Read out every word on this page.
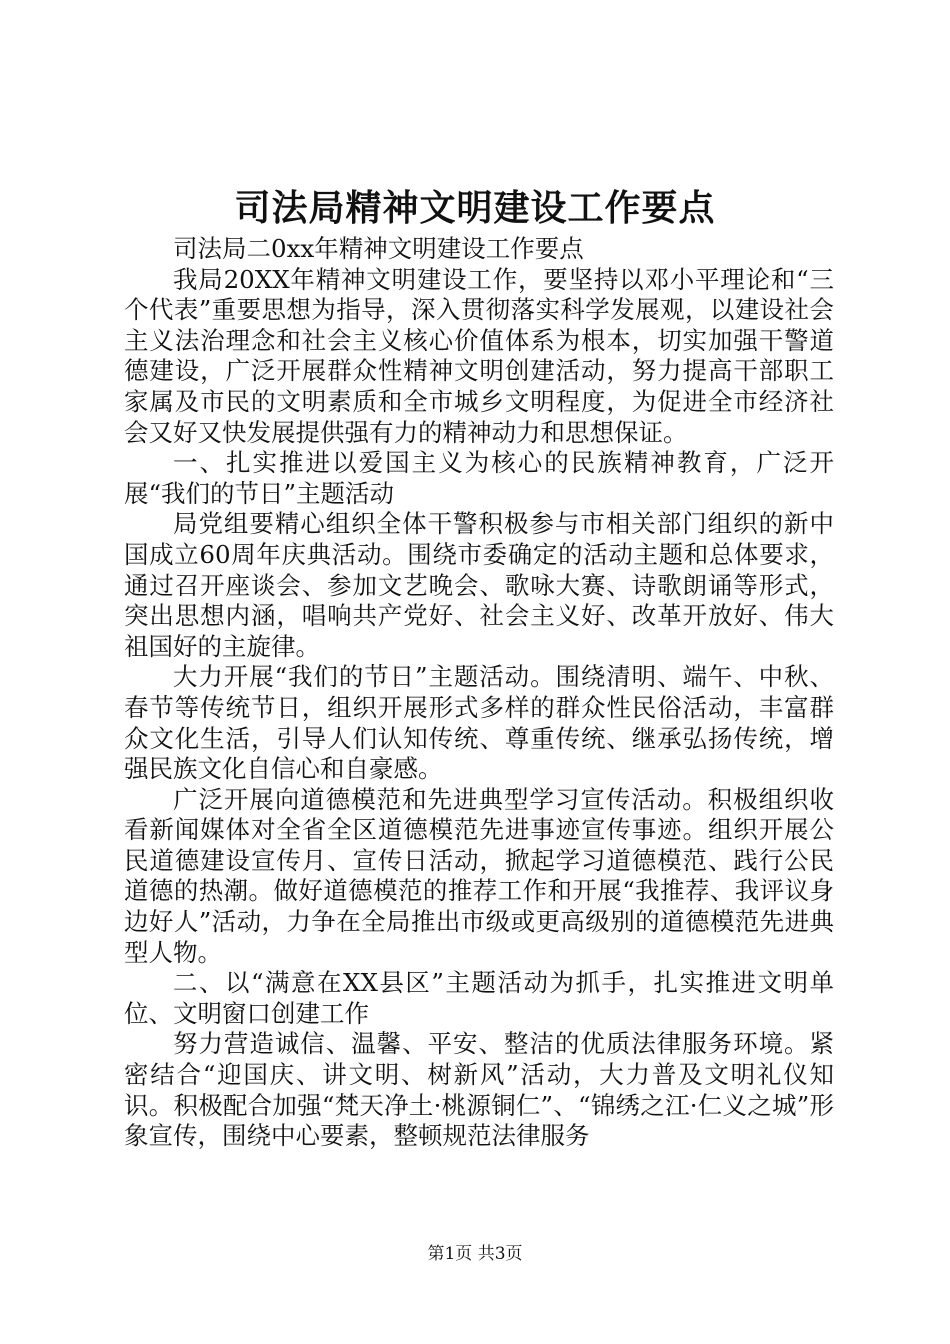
司法局精神文明建设工作要点

司法局二0xx年精神文明建设工作要点

我局20XX年精神文明建设工作，要坚持以邓小平理论和“三个代表”重要思想为指导，深入贯彻落实科学发展观，以建设社会主义法治理念和社会主义核心价值体系为根本，切实加强干警道德建设，广泛开展群众性精神文明创建活动，努力提高干部职工家属及市民的文明素质和全市城乡文明程度，为促进全市经济社会又好又快发展提供强有力的精神动力和思想保证。

一、扎实推进以爱国主义为核心的民族精神教育，广泛开展“我们的节日”主题活动

局党组要精心组织全体干警积极参与市相关部门组织的新中国成立60周年庆典活动。围绕市委确定的活动主题和总体要求，通过召开座谈会、参加文艺晚会、歌咏大赛、诗歌朗诵等形式，突出思想内涵，唱响共产党好、社会主义好、改革开放好、伟大祖国好的主旋律。

大力开展“我们的节日”主题活动。围绕清明、端午、中秋、春节等传统节日，组织开展形式多样的群众性民俗活动，丰富群众文化生活，引导人们认知传统、尊重传统、继承弘扬传统，增强民族文化自信心和自豪感。

广泛开展向道德模范和先进典型学习宣传活动。积极组织收看新闻媒体对全省全区道德模范先进事迹宣传事迹。组织开展公民道德建设宣传月、宣传日活动，掀起学习道德模范、践行公民道德的热潮。做好道德模范的推荐工作和开展“我推荐、我评议身边好人”活动，力争在全局推出市级或更高级别的道德模范先进典型人物。

二、以“满意在XX县区”主题活动为抓手，扎实推进文明单位、文明窗口创建工作

努力营造诚信、温馨、平安、整洁的优质法律服务环境。紧密结合“迎国庆、讲文明、树新风”活动，大力普及文明礼仪知识。积极配合加强“梵天净土·桃源铜仁”、“锦绣之江·仁义之城”形象宣传，围绕中心要素，整顿规范法律服务

第1页 共3页
